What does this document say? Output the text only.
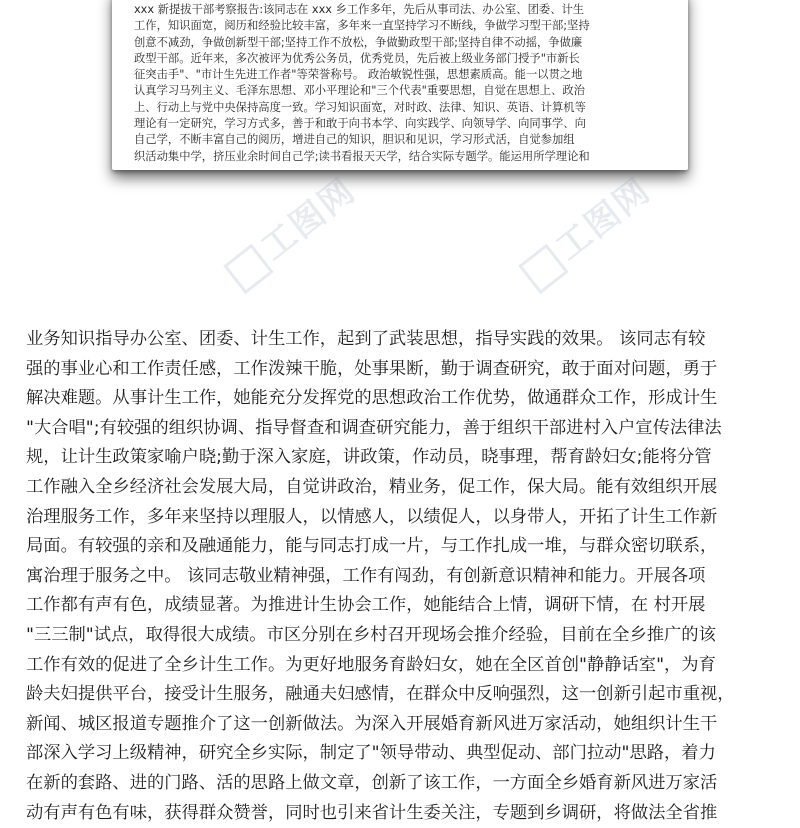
xxx 新提拔干部考察报告:该同志在 xxx 乡工作多年，先后从事司法、办公室、团委、计生
工作，知识面宽，阅历和经验比较丰富，多年来一直坚持学习不断线，争做学习型干部;坚持
创意不减劲，争做创新型干部;坚持工作不放松，争做勤政型干部;坚持自律不动摇，争做廉
政型干部。近年来，多次被评为优秀公务员，优秀党员，先后被上级业务部门授予"市新长
征突击手"、"市计生先进工作者"等荣誉称号。 政治敏锐性强，思想素质高。能一以贯之地
认真学习马列主义、毛泽东思想、邓小平理论和"三个代表"重要思想，自觉在思想上、政治
上、行动上与党中央保持高度一致。学习知识面宽，对时政、法律、知识、英语、计算机等
理论有一定研究，学习方式多，善于和敢于向书本学、向实践学、向领导学、向同事学、向
自己学，不断丰富自己的阅历，增进自己的知识，胆识和见识，学习形式活，自觉参加组
织活动集中学，挤压业余时间自己学;读书看报天天学，结合实际专题学。能运用所学理论和
工图网	工图网
业务知识指导办公室、团委、计生工作，起到了武装思想，指导实践的效果。 该同志有较
强的事业心和工作责任感，工作泼辣干脆，处事果断，勤于调查研究，敢于面对问题，勇于
解决难题。从事计生工作，她能充分发挥党的思想政治工作优势，做通群众工作，形成计生
"大合唱";有较强的组织协调、指导督查和调查研究能力，善于组织干部进村入户宣传法律法
规，让计生政策家喻户晓;勤于深入家庭，讲政策，作动员，晓事理，帮育龄妇女;能将分管
工作融入全乡经济社会发展大局，自觉讲政治，精业务，促工作，保大局。能有效组织开展
治理服务工作，多年来坚持以理服人，以情感人，以绩促人，以身带人，开拓了计生工作新
局面。有较强的亲和及融通能力，能与同志打成一片，与工作扎成一堆，与群众密切联系，
寓治理于服务之中。 该同志敬业精神强，工作有闯劲，有创新意识精神和能力。开展各项
工作都有声有色，成绩显著。为推进计生协会工作，她能结合上情，调研下情，在 村开展
"三三制"试点，取得很大成绩。市区分别在乡村召开现场会推介经验，目前在全乡推广的该
工作有效的促进了全乡计生工作。为更好地服务育龄妇女，她在全区首创"静静话室"，为育
龄夫妇提供平台，接受计生服务，融通夫妇感情，在群众中反响强烈，这一创新引起市重视，
新闻、城区报道专题推介了这一创新做法。为深入开展婚育新风进万家活动，她组织计生干
部深入学习上级精神，研究全乡实际，制定了"领导带动、典型促动、部门拉动"思路，着力
在新的套路、进的门路、活的思路上做文章，创新了该工作，一方面全乡婚育新风进万家活
动有声有色有味，获得群众赞誉，同时也引来省计生委关注，专题到乡调研，将做法全省推
